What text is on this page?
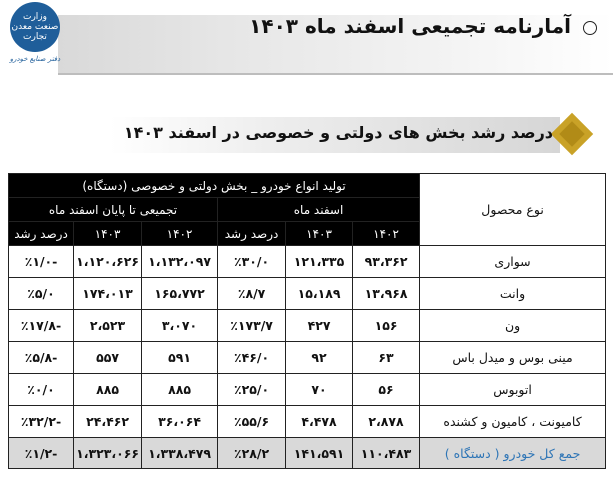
آمارنامه تجمیعی اسفند ماه ۱۴۰۳
وزارت صنعت معدن تجارت
دفتر صنایع خودرو
درصد رشد بخش های دولتی و خصوصی در اسفند ۱۴۰۳
نوع محصول	تولید انواع خودرو _ بخش دولتی و خصوصی (دستگاه)					
	اسفند ماه			تجمیعی تا پایان اسفند ماه		
	۱۴۰۲	۱۴۰۳	درصد رشد	۱۴۰۲	۱۴۰۳	درصد رشد
سواری	۹۳،۳۶۲	۱۲۱،۳۳۵	٪۳۰/۰	۱،۱۳۲،۰۹۷	۱،۱۲۰،۶۲۶	-٪۱/۰
وانت	۱۳،۹۶۸	۱۵،۱۸۹	٪۸/۷	۱۶۵،۷۷۲	۱۷۴،۰۱۳	٪۵/۰
ون	۱۵۶	۴۲۷	٪۱۷۳/۷	۳،۰۷۰	۲،۵۲۳	-٪۱۷/۸
مینی بوس و میدل باس	۶۳	۹۲	٪۴۶/۰	۵۹۱	۵۵۷	-٪۵/۸
اتوبوس	۵۶	۷۰	٪۲۵/۰	۸۸۵	۸۸۵	٪۰/۰
کامیونت ، کامیون و کشنده	۲،۸۷۸	۴،۴۷۸	٪۵۵/۶	۳۶،۰۶۴	۲۴،۴۶۲	-٪۳۲/۲
جمع کل خودرو ( دستگاه )	۱۱۰،۴۸۳	۱۴۱،۵۹۱	٪۲۸/۲	۱،۳۳۸،۴۷۹	۱،۳۲۳،۰۶۶	-٪۱/۲
